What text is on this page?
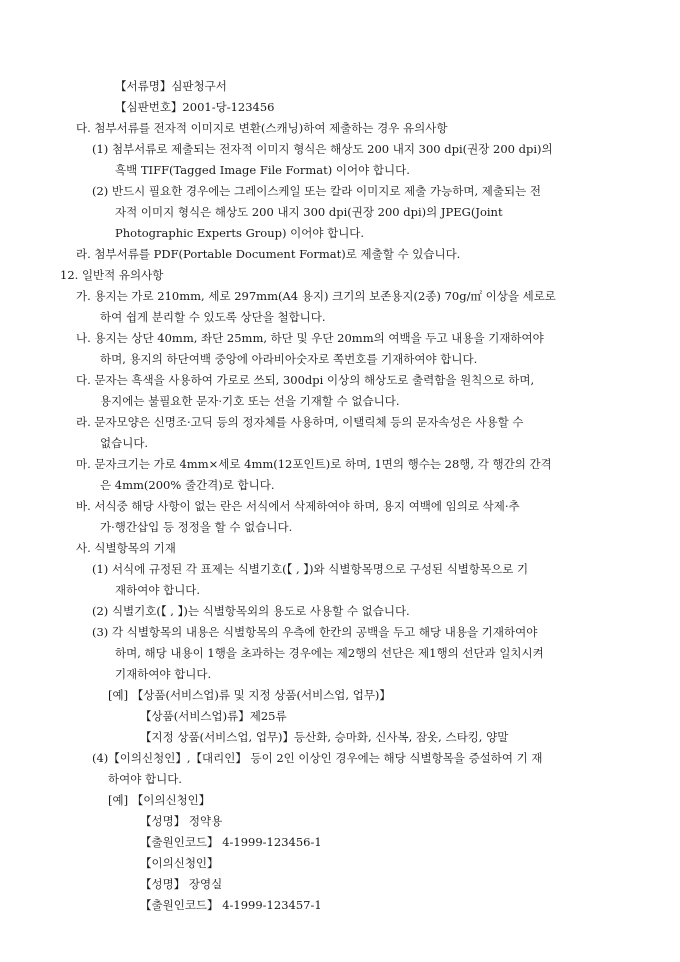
【서류명】심판청구서
【심판번호】2001-당-123456
다. 첨부서류를 전자적 이미지로 변환(스캐닝)하여 제출하는 경우 유의사항
(1) 첨부서류로 제출되는 전자적 이미지 형식은 해상도 200 내지 300 dpi(권장 200 dpi)의
흑백 TIFF(Tagged Image File Format) 이어야 합니다.
(2) 반드시 필요한 경우에는 그레이스케일 또는 칼라 이미지로 제출 가능하며, 제출되는 전
자적 이미지 형식은 해상도 200 내지 300 dpi(권장 200 dpi)의 JPEG(Joint
Photographic Experts Group) 이어야 합니다.
라. 첨부서류를 PDF(Portable Document Format)로 제출할 수 있습니다.
12. 일반적 유의사항
가. 용지는 가로 210mm, 세로 297mm(A4 용지) 크기의 보존용지(2종) 70g/㎡ 이상을 세로로
하여 쉽게 분리할 수 있도록 상단을 철합니다.
나. 용지는 상단 40mm, 좌단 25mm, 하단 및 우단 20mm의 여백을 두고 내용을 기재하여야
하며, 용지의 하단여백 중앙에 아라비아숫자로 쪽번호를 기재하여야 합니다.
다. 문자는 흑색을 사용하여 가로로 쓰되, 300dpi 이상의 해상도로 출력함을 원칙으로 하며,
용지에는 불필요한 문자·기호 또는 선을 기재할 수 없습니다.
라. 문자모양은 신명조·고딕 등의 정자체를 사용하며, 이탤릭체 등의 문자속성은 사용할 수
없습니다.
마. 문자크기는 가로 4mm×세로 4mm(12포인트)로 하며, 1면의 행수는 28행, 각 행간의 간격
은 4mm(200% 줄간격)로 합니다.
바. 서식중 해당 사항이 없는 란은 서식에서 삭제하여야 하며, 용지 여백에 임의로 삭제·추
가·행간삽입 등 정정을 할 수 없습니다.
사. 식별항목의 기재
(1) 서식에 규정된 각 표제는 식별기호(【 , 】)와 식별항목명으로 구성된 식별항목으로 기
재하여야 합니다.
(2) 식별기호(【 , 】)는 식별항목외의 용도로 사용할 수 없습니다.
(3) 각 식별항목의 내용은 식별항목의 우측에 한칸의 공백을 두고 해당 내용을 기재하여야
하며, 해당 내용이 1행을 초과하는 경우에는 제2행의 선단은 제1행의 선단과 일치시켜
기재하여야 합니다.
[예] 【상품(서비스업)류 및 지정 상품(서비스업, 업무)】
【상품(서비스업)류】제25류
【지정 상품(서비스업, 업무)】등산화, 승마화, 신사복, 잠옷, 스타킹, 양말
(4)【이의신청인】,【대리인】 등이 2인 이상인 경우에는 해당 식별항목을 증설하여 기 재
하여야 합니다.
[예] 【이의신청인】
【성명】 정약용
【출원인코드】 4-1999-123456-1
【이의신청인】
【성명】 장영실
【출원인코드】 4-1999-123457-1
